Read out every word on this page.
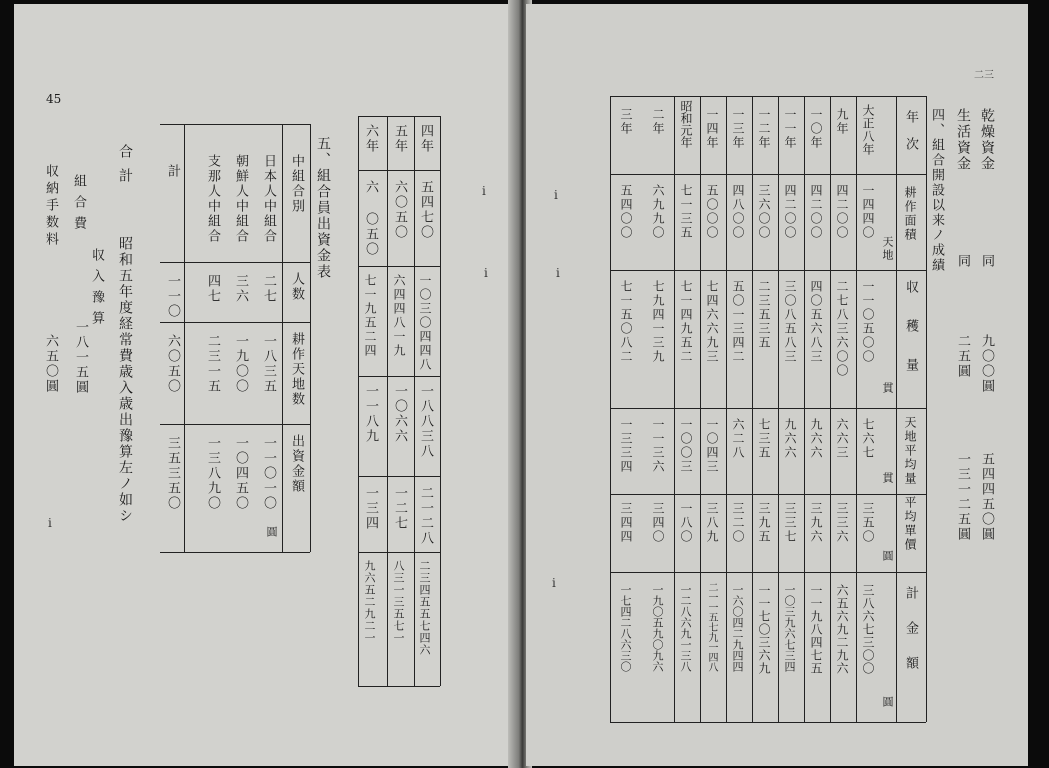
45
四年
五年
六年
五四七〇
六〇五〇
六 〇五〇
一〇三〇四四八
六四四八一九
七一九五二四
一八八三八
一〇六六
一一八九
二一二八
一二七
一三四
二三四五五七四六
八三一三五七一
九六五二九二一
五、組合員出資金表
中組合別
人数
耕作天地数
出資金額
圓
日本人中組合
二七
一八三五
一一〇一〇
朝鮮人中組合
三六
一九〇〇
一〇四五〇
支那人中組合
四七
二三一五
一三八九〇
計
一一〇
六〇五〇
三五三五〇
昭和五年度経常費歳入歳出豫算左ノ如シ
合計
収入豫算
一八一五圓
組合費
収納手数料
六五〇圓
ⅰ
ⅰ
ⅰ
二三
乾燥資金
同
九〇〇圓
五四四五〇圓
生活資金
同
二五圓
一三一二五圓
四、組合開設以来ノ成績
年次
耕作面積
天地
収穫量
貫
天地平均量
貫
平均單價
圓
計金額
圓
大正八年
一四四〇
一一〇五〇〇
七六七
三五〇
三八六七三〇〇
九年
四二〇〇
二七八三六〇〇
六六三
三三六
六五六九二九六
一〇年
四二〇〇
四〇五六八三
九六六
三九六
一一九八四七五
一一年
四二〇〇
三〇八五八三
九六六
三三七
一〇三九六七三四
一二年
三六〇〇
二三五三五
七三五
三九五
一一七〇三六九
一三年
四八〇〇
五〇一三四二
六二八
三二〇
一六〇四二九四四
一四年
五〇〇〇
七四六六九三
一〇四三
三八九
二一一五七九一四八
昭和元年
七一三五
七一四九五二
一〇〇三
一八〇
一二八六九一三八
二年
六九九〇
七九四一三九
一一三六
三四〇
一九〇五九〇九六
三年
五四〇〇
七一五〇八二
一三三四
三四四
一七四二八六三〇
ⅰ
ⅰ
ⅰ
